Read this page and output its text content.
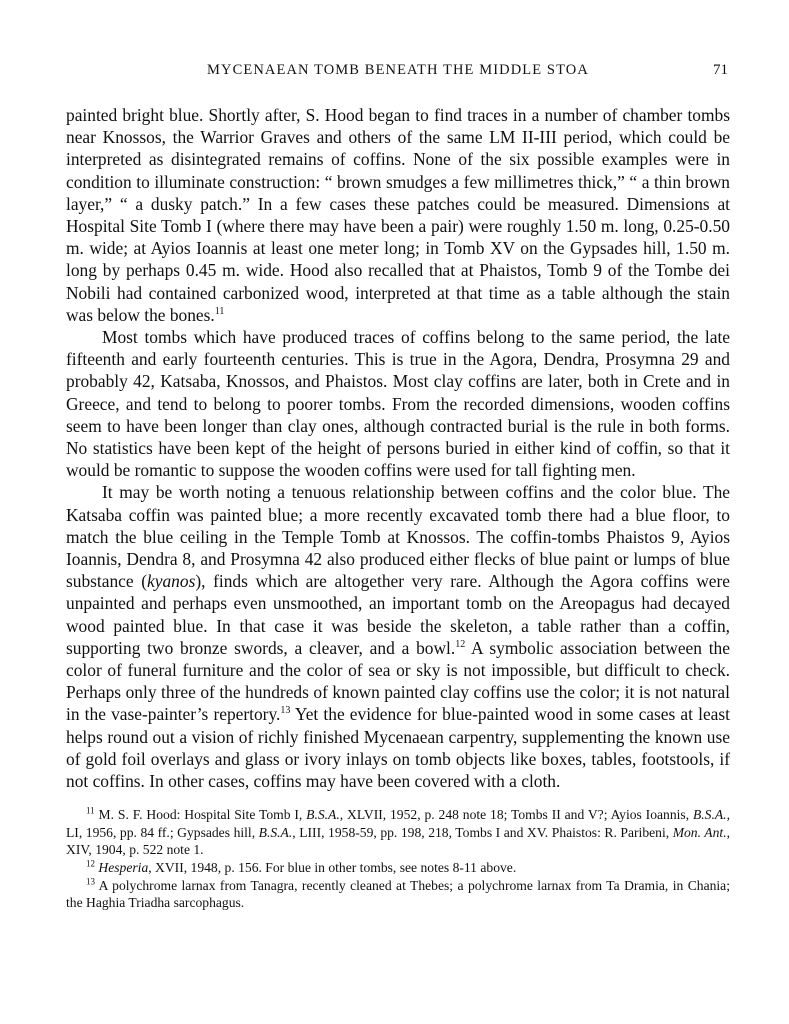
MYCENAEAN TOMB BENEATH THE MIDDLE STOA	71

painted bright blue. Shortly after, S. Hood began to find traces in a number of chamber tombs near Knossos, the Warrior Graves and others of the same LM II-III period, which could be interpreted as disintegrated remains of coffins. None of the six possible examples were in condition to illuminate construction: “ brown smudges a few millimetres thick,” “ a thin brown layer,” “ a dusky patch.” In a few cases these patches could be measured. Dimensions at Hospital Site Tomb I (where there may have been a pair) were roughly 1.50 m. long, 0.25-0.50 m. wide; at Ayios Ioannis at least one meter long; in Tomb XV on the Gypsades hill, 1.50 m. long by perhaps 0.45 m. wide. Hood also recalled that at Phaistos, Tomb 9 of the Tombe dei Nobili had contained carbonized wood, interpreted at that time as a table although the stain was below the bones.$^{11}$

Most tombs which have produced traces of coffins belong to the same period, the late fifteenth and early fourteenth centuries. This is true in the Agora, Dendra, Prosymna 29 and probably 42, Katsaba, Knossos, and Phaistos. Most clay coffins are later, both in Crete and in Greece, and tend to belong to poorer tombs. From the recorded dimensions, wooden coffins seem to have been longer than clay ones, although contracted burial is the rule in both forms. No statistics have been kept of the height of persons buried in either kind of coffin, so that it would be romantic to suppose the wooden coffins were used for tall fighting men.

It may be worth noting a tenuous relationship between coffins and the color blue. The Katsaba coffin was painted blue; a more recently excavated tomb there had a blue floor, to match the blue ceiling in the Temple Tomb at Knossos. The coffin-tombs Phaistos 9, Ayios Ioannis, Dendra 8, and Prosymna 42 also produced either flecks of blue paint or lumps of blue substance (kyanos), finds which are altogether very rare. Although the Agora coffins were unpainted and perhaps even unsmoothed, an important tomb on the Areopagus had decayed wood painted blue. In that case it was beside the skeleton, a table rather than a coffin, supporting two bronze swords, a cleaver, and a bowl.$^{12}$ A symbolic association between the color of funeral furniture and the color of sea or sky is not impossible, but difficult to check. Perhaps only three of the hundreds of known painted clay coffins use the color; it is not natural in the vase-painter’s repertory.$^{13}$ Yet the evidence for blue-painted wood in some cases at least helps round out a vision of richly finished Mycenaean carpentry, supplementing the known use of gold foil overlays and glass or ivory inlays on tomb objects like boxes, tables, footstools, if not coffins. In other cases, coffins may have been covered with a cloth.

$^{11}$ M. S. F. Hood: Hospital Site Tomb I, B.S.A., XLVII, 1952, p. 248 note 18; Tombs II and V?; Ayios Ioannis, B.S.A., LI, 1956, pp. 84 ff.; Gypsades hill, B.S.A., LIII, 1958-59, pp. 198, 218, Tombs I and XV. Phaistos: R. Paribeni, Mon. Ant., XIV, 1904, p. 522 note 1.

$^{12}$ Hesperia, XVII, 1948, p. 156. For blue in other tombs, see notes 8-11 above.

$^{13}$ A polychrome larnax from Tanagra, recently cleaned at Thebes; a polychrome larnax from Ta Dramia, in Chania; the Haghia Triadha sarcophagus.
